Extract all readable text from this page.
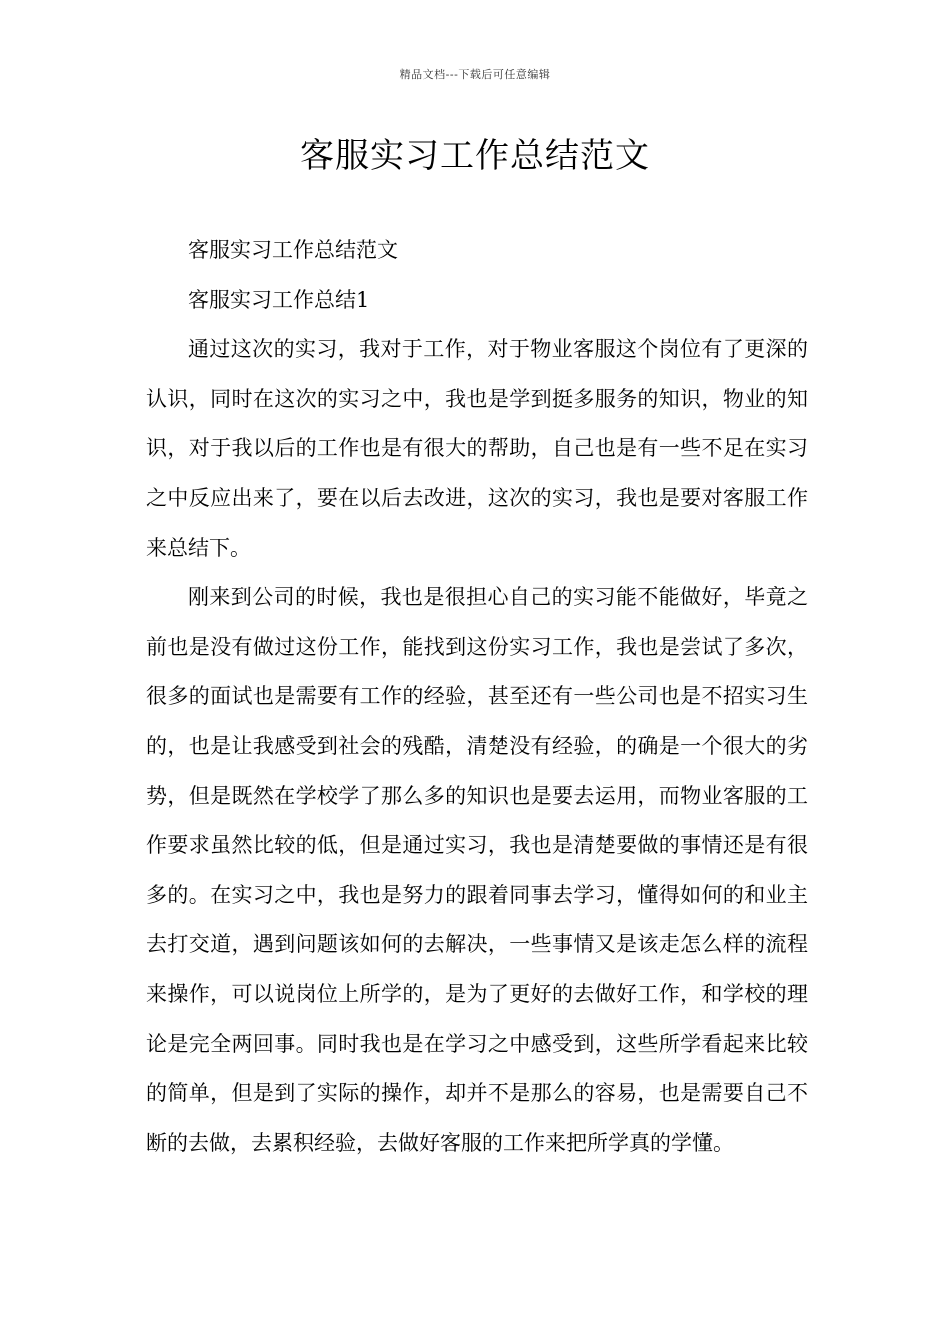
精品文档---下载后可任意编辑
客服实习工作总结范文

客服实习工作总结范文

客服实习工作总结1

通过这次的实习，我对于工作，对于物业客服这个岗位有了更深的认识，同时在这次的实习之中，我也是学到挺多服务的知识，物业的知识，对于我以后的工作也是有很大的帮助，自己也是有一些不足在实习之中反应出来了，要在以后去改进，这次的实习，我也是要对客服工作来总结下。

刚来到公司的时候，我也是很担心自己的实习能不能做好，毕竟之前也是没有做过这份工作，能找到这份实习工作，我也是尝试了多次，很多的面试也是需要有工作的经验，甚至还有一些公司也是不招实习生的，也是让我感受到社会的残酷，清楚没有经验，的确是一个很大的劣势，但是既然在学校学了那么多的知识也是要去运用，而物业客服的工作要求虽然比较的低，但是通过实习，我也是清楚要做的事情还是有很多的。在实习之中，我也是努力的跟着同事去学习，懂得如何的和业主去打交道，遇到问题该如何的去解决，一些事情又是该走怎么样的流程来操作，可以说岗位上所学的，是为了更好的去做好工作，和学校的理论是完全两回事。同时我也是在学习之中感受到，这些所学看起来比较的简单，但是到了实际的操作，却并不是那么的容易，也是需要自己不断的去做，去累积经验，去做好客服的工作来把所学真的学懂。
